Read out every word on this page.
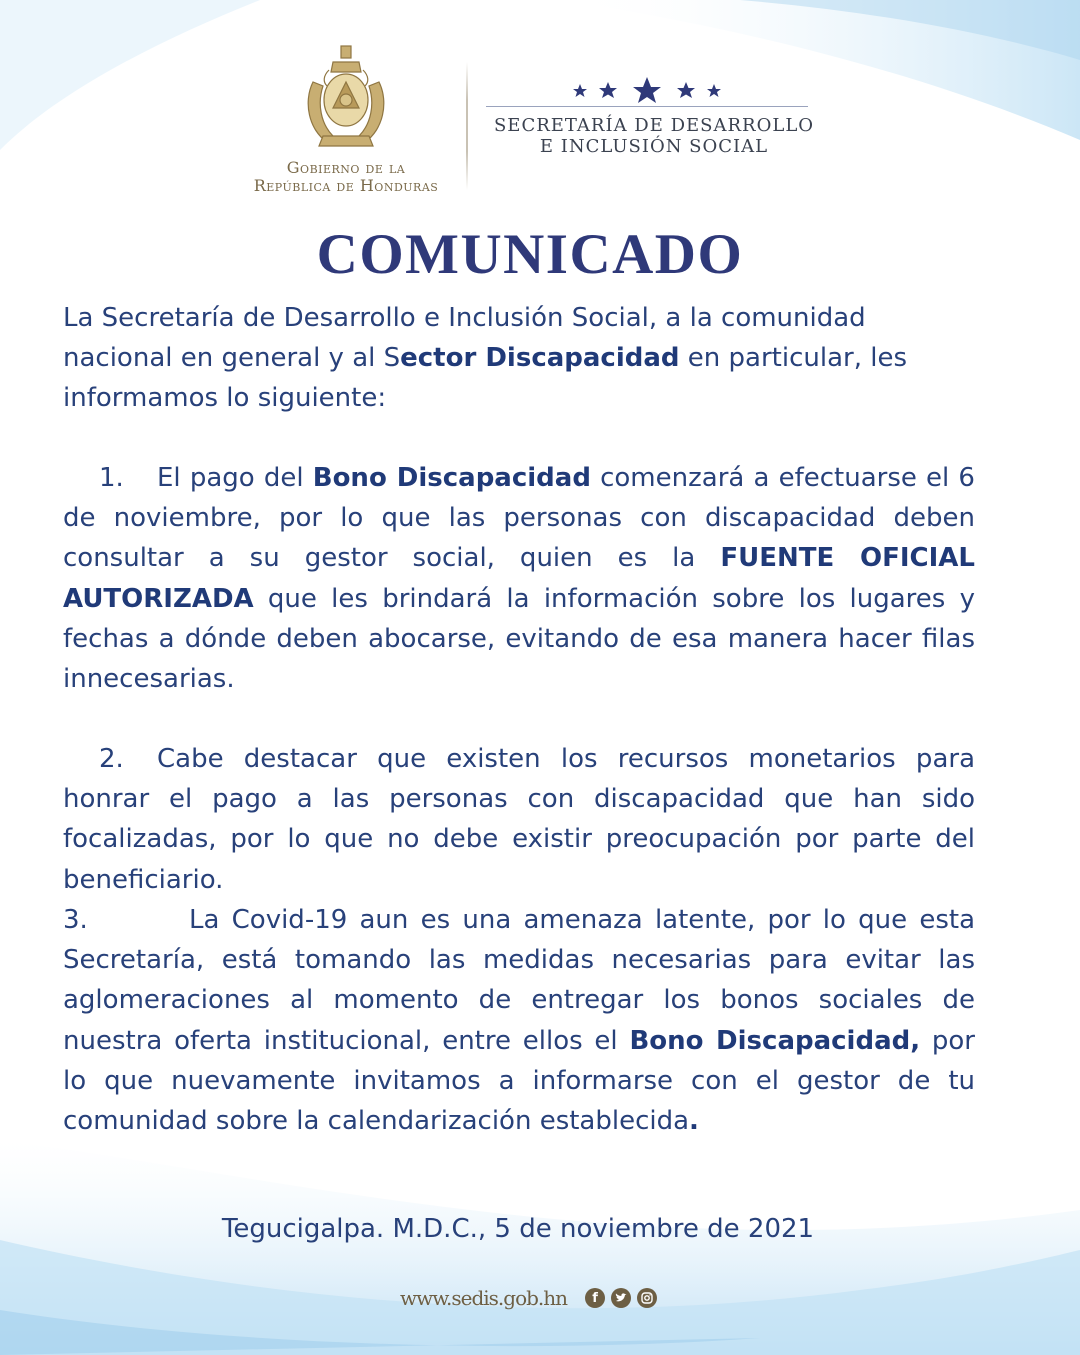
Gobierno de la
República de Honduras
SECRETARÍA DE DESARROLLO
E INCLUSIÓN SOCIAL
COMUNICADO
La Secretaría de Desarrollo e Inclusión Social, a la comunidad nacional en general y al Sector Discapacidad en particular, les informamos lo siguiente:
1. El pago del Bono Discapacidad comenzará a efectuarse el 6 de noviembre, por lo que las personas con discapacidad deben consultar a su gestor social, quien es la FUENTE OFICIAL AUTORIZADA que les brindará la información sobre los lugares y fechas a dónde deben abocarse, evitando de esa manera hacer filas innecesarias.
2. Cabe destacar que existen los recursos monetarios para honrar el pago a las personas con discapacidad que han sido focalizadas, por lo que no debe existir preocupación por parte del beneficiario.
3.	La Covid-19 aun es una amenaza latente, por lo que esta Secretaría, está tomando las medidas necesarias para evitar las aglomeraciones al momento de entregar los bonos sociales de nuestra oferta institucional, entre ellos el Bono Discapacidad, por lo que nuevamente invitamos a informarse con el gestor de tu comunidad sobre la calendarización establecida.
Tegucigalpa. M.D.C., 5 de noviembre de 2021
www.sedis.gob.hn	f
